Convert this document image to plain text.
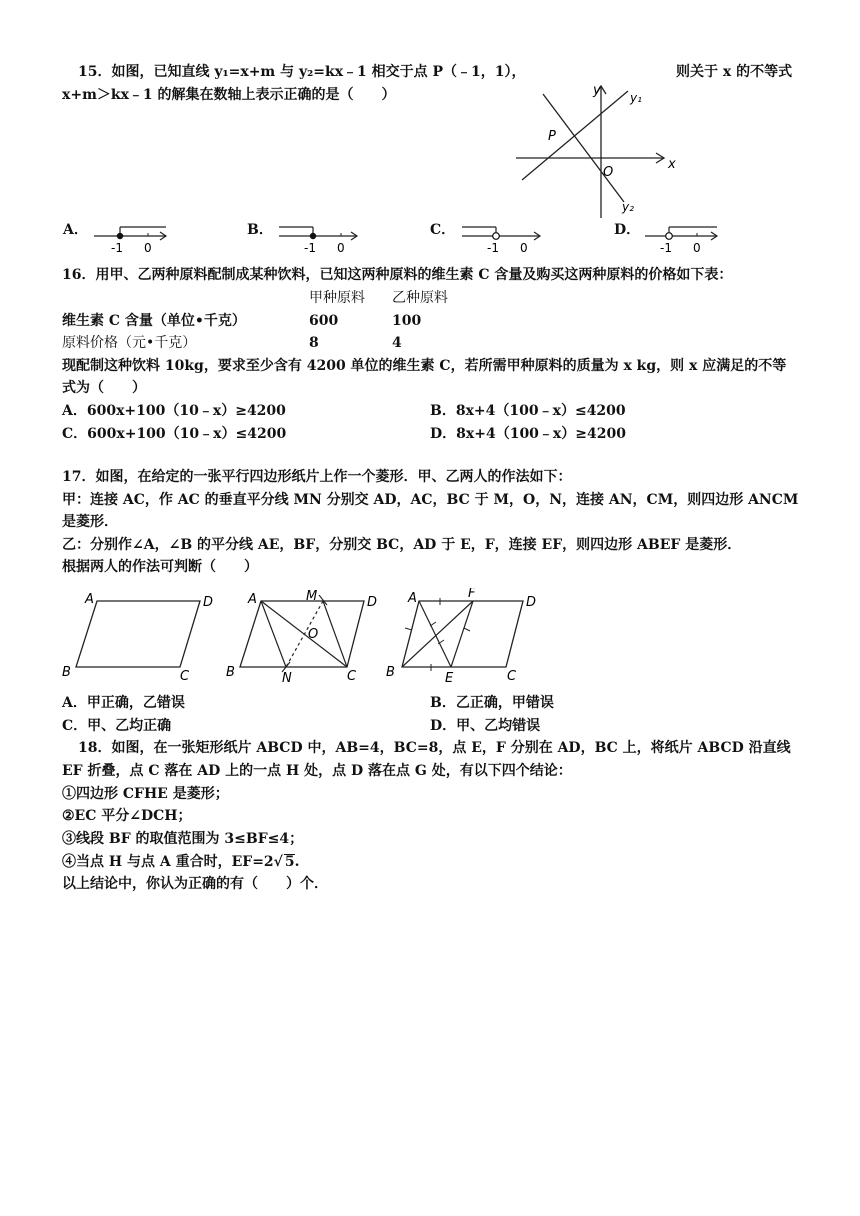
15．如图，已知直线 y₁=x+m 与 y₂=kx﹣1 相交于点 P（﹣1，1），	则关于 x 的不等式
x+m＞kx﹣1 的解集在数轴上表示正确的是（　　）	y
x
y₁
y₂
P
O
A．
-1 0
B．
-1 0
C．
-1 0
D．
-1 0
16．用甲、乙两种原料配制成某种饮料，已知这两种原料的维生素 C 含量及购买这两种原料的价格如下表：
甲种原料 乙种原料
维生素 C 含量（单位•千克）	600	100
原料价格（元•千克）	8	4
现配制这种饮料 10kg，要求至少含有 4200 单位的维生素 C，若所需甲种原料的质量为 x kg，则 x 应满足的不等
式为（　　）
A．600x+100（10﹣x）≥4200	B．8x+4（100﹣x）≤4200
C．600x+100（10﹣x）≤4200	D．8x+4（100﹣x）≥4200
17．如图，在给定的一张平行四边形纸片上作一个菱形．甲、乙两人的作法如下：
甲：连接 AC，作 AC 的垂直平分线 MN 分别交 AD，AC，BC 于 M，O，N，连接 AN，CM，则四边形 ANCM
是菱形．
乙：分别作∠A，∠B 的平分线 AE，BF，分别交 BC，AD 于 E，F，连接 EF，则四边形 ABEF 是菱形．
根据两人的作法可判断（　　）
A	D
B	C
A	D
B	C
M
N
O
A	D
B	C
F
E
A．甲正确，乙错误	B．乙正确，甲错误
C．甲、乙均正确	D．甲、乙均错误
18．如图，在一张矩形纸片 ABCD 中，AB=4，BC=8，点 E，F 分别在 AD，BC 上，将纸片 ABCD 沿直线
EF 折叠，点 C 落在 AD 上的一点 H 处，点 D 落在点 G 处，有以下四个结论：
①四边形 CFHE 是菱形；
②EC 平分∠DCH；
③线段 BF 的取值范围为 3≤BF≤4；
④当点 H 与点 A 重合时，EF=2√ 5.
以上结论中，你认为正确的有（　　）个．
